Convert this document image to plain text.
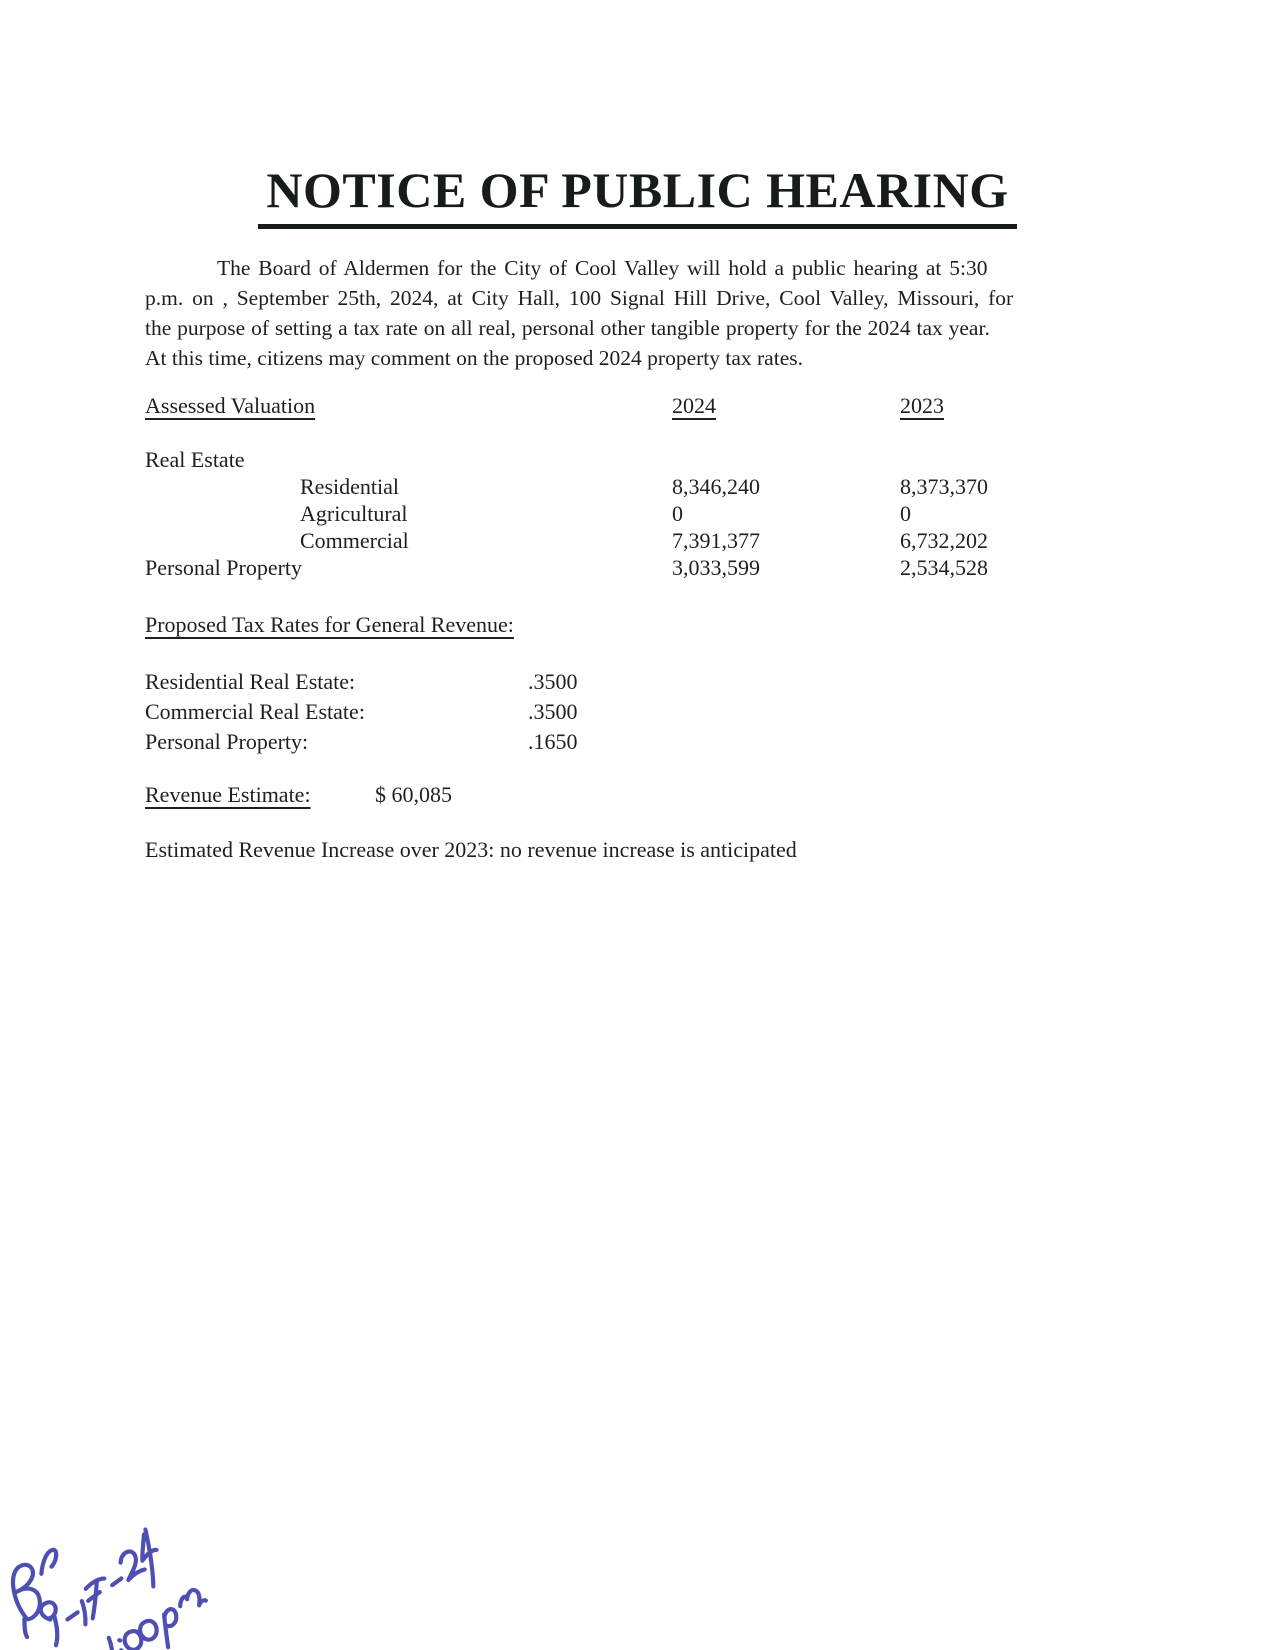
NOTICE OF PUBLIC HEARING
The Board of Aldermen for the City of Cool Valley will hold a public hearing at 5:30
p.m. on , September 25th, 2024, at City Hall, 100 Signal Hill Drive, Cool Valley, Missouri, for
the purpose of setting a tax rate on all real, personal other tangible property for the 2024 tax year.
At this time, citizens may comment on the proposed 2024 property tax rates.
Assessed Valuation	2024	2023
Real Estate
Residential	8,346,240	8,373,370
Agricultural	0	0
Commercial	7,391,377	6,732,202
Personal Property	3,033,599	2,534,528
Proposed Tax Rates for General Revenue:
Residential Real Estate:	.3500
Commercial Real Estate:	.3500
Personal Property:	.1650
Revenue Estimate:	$ 60,085
Estimated Revenue Increase over 2023: no revenue increase is anticipated
